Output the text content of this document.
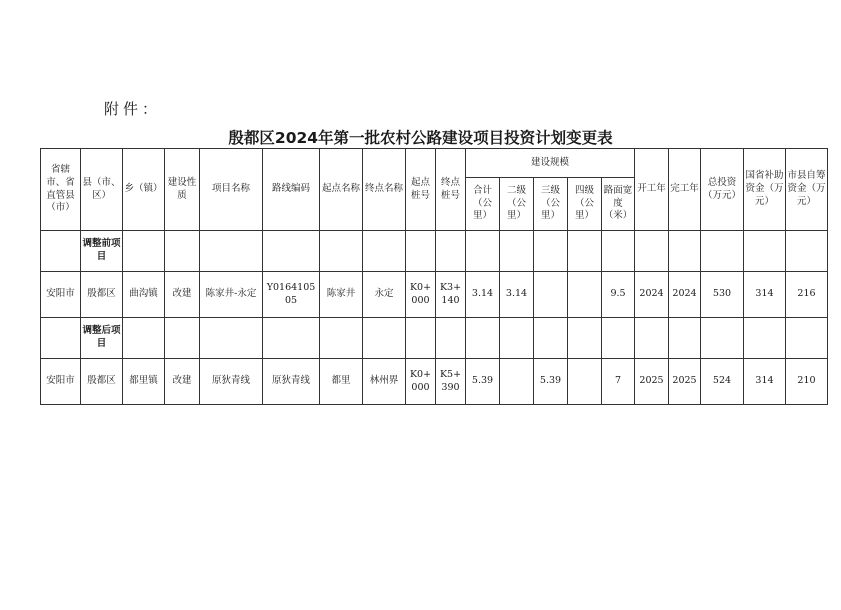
附件：
殷都区2024年第一批农村公路建设项目投资计划变更表
省辖市、省直管县（市）	县（市、区）	乡（镇）	建设性质	项目名称	路线编码	起点名称	终点名称	起点桩号	终点桩号	建设规模					开工年	完工年	总投资（万元）	国省补助资金（万元）	市县自筹资金（万元）
										合计（公里）	二级（公里）	三级（公里）	四级（公里）	路面宽度（米）					
	调整前项目																		
安阳市	殷都区	曲沟镇	改建	陈家井-永定	Y016410505	陈家井	永定	K0+000	K3+140	3.14	3.14			9.5	2024	2024	530	314	216
	调整后项目																		
安阳市	殷都区	都里镇	改建	原狄青线	原狄青线	都里	林州界	K0+000	K5+390	5.39		5.39		7	2025	2025	524	314	210
